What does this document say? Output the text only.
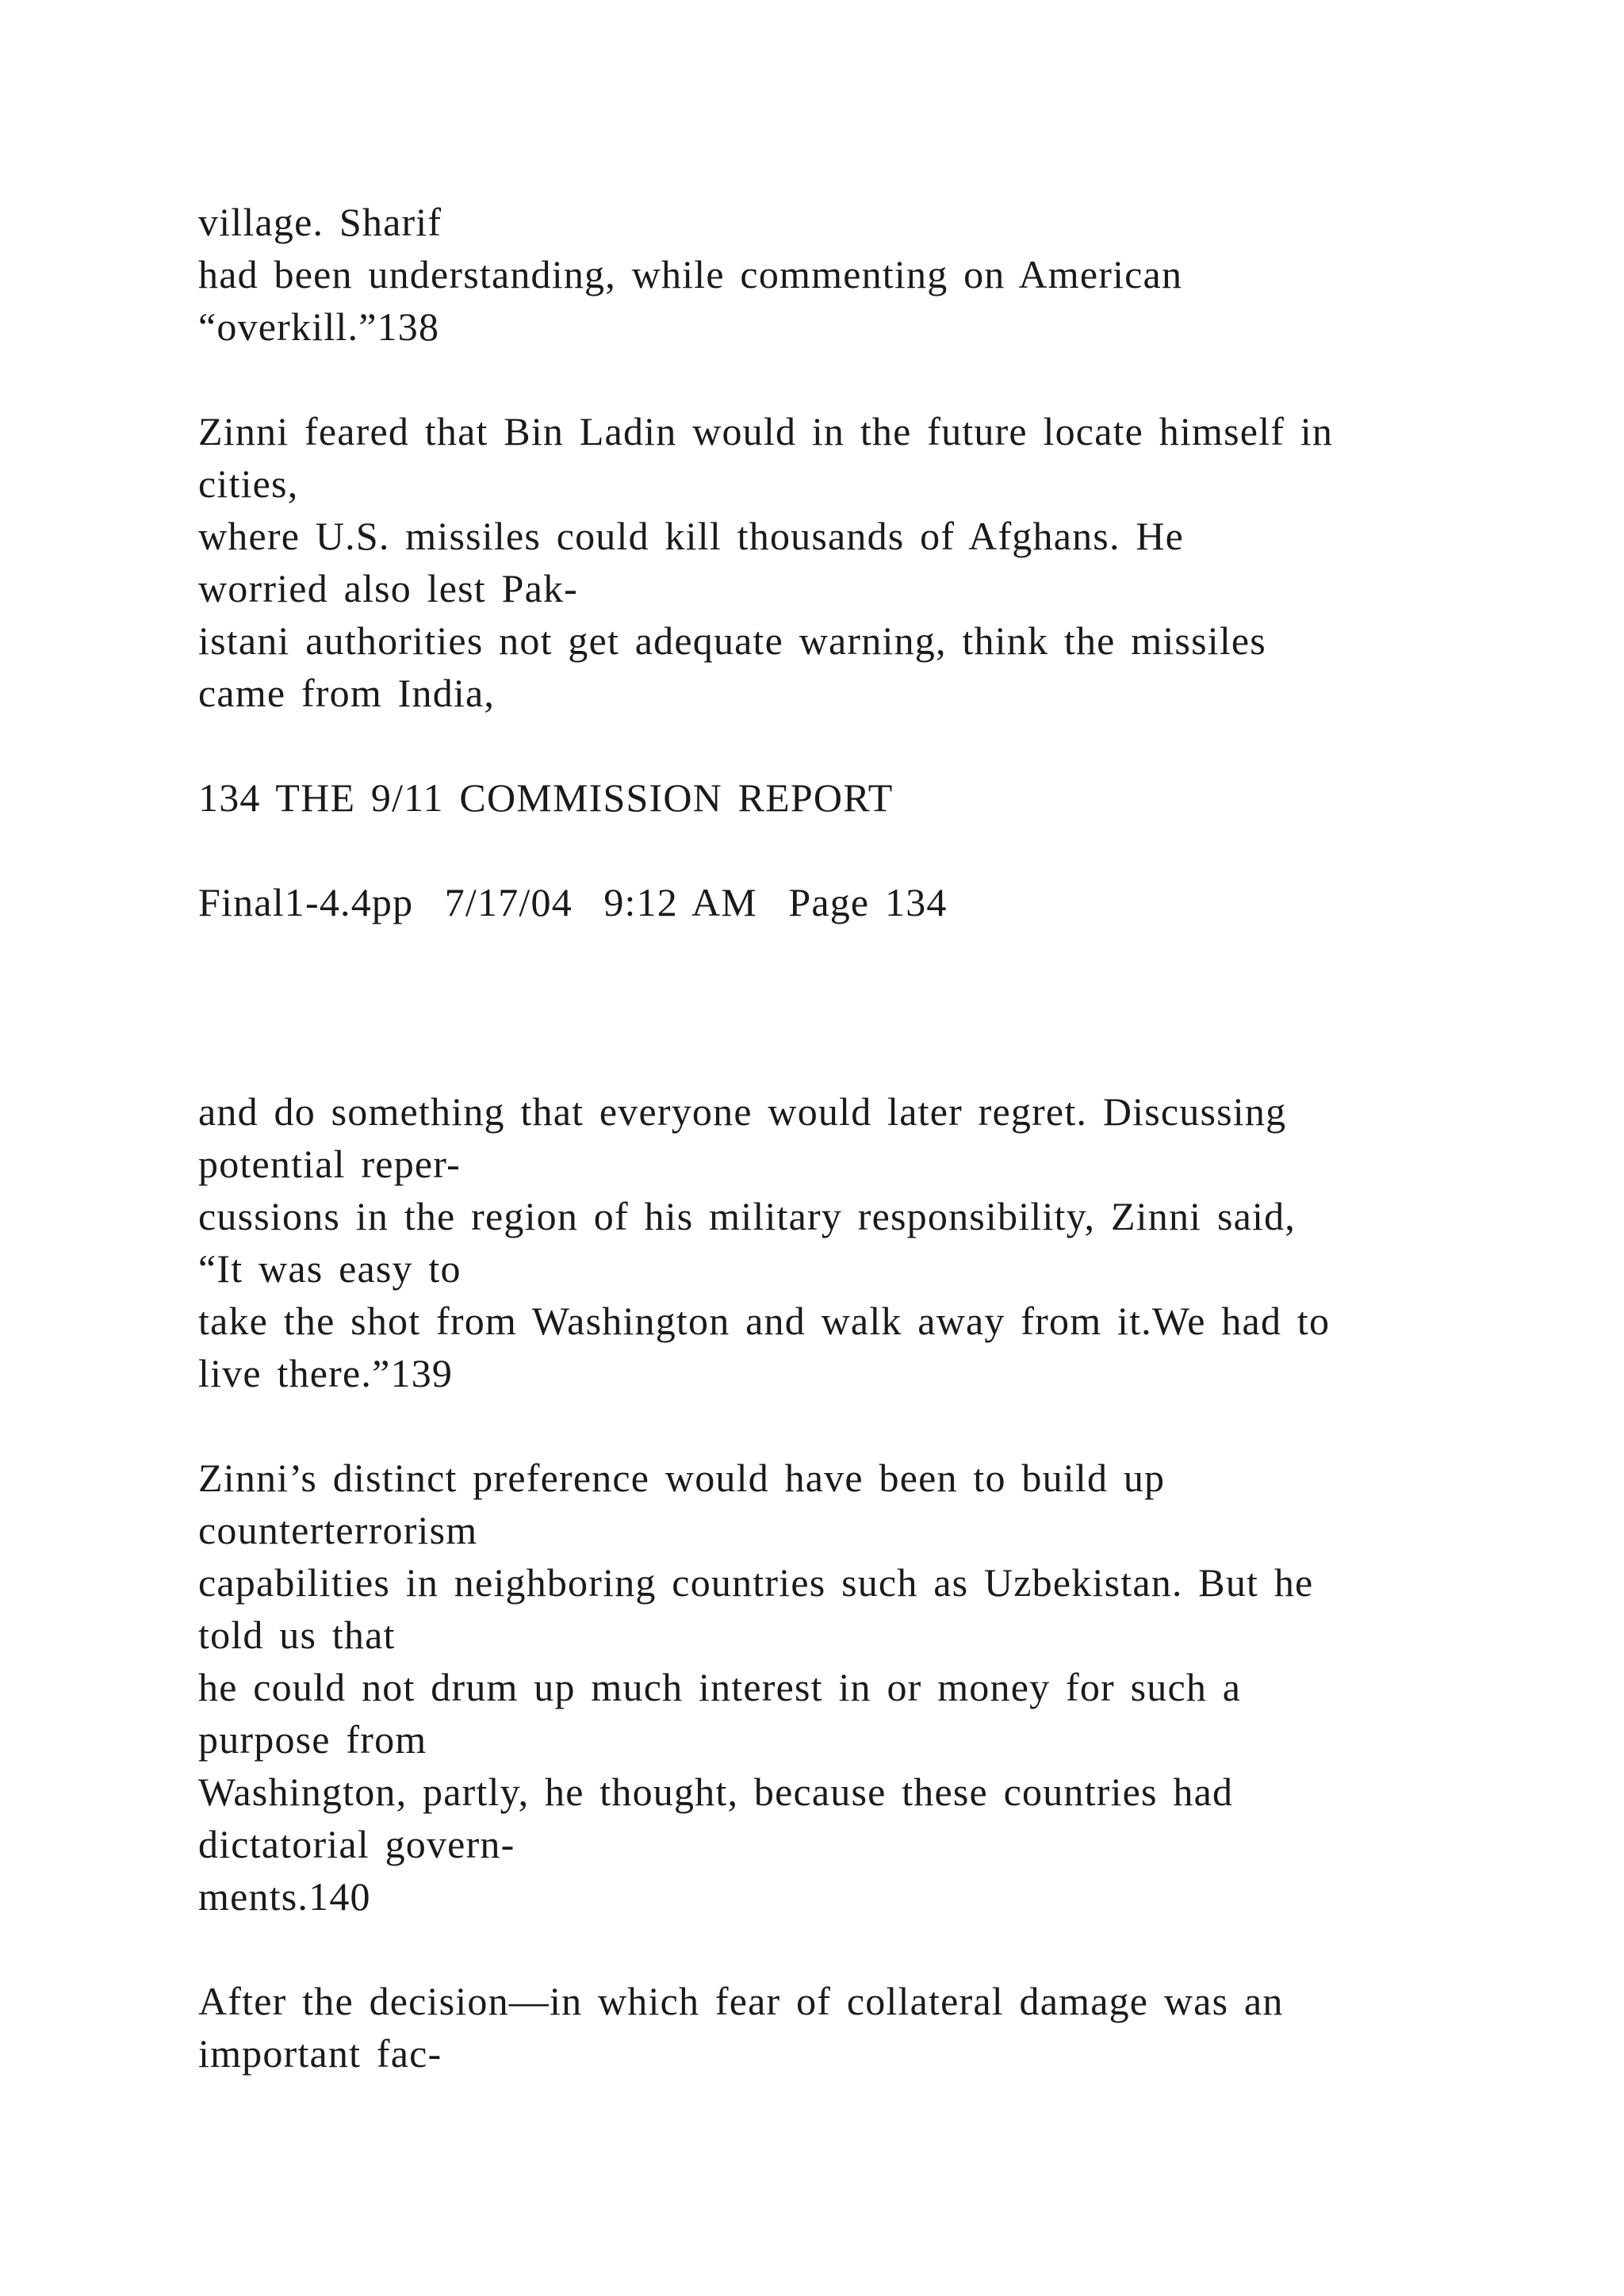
village. Sharif
had been understanding, while commenting on American
“overkill.”138
Zinni feared that Bin Ladin would in the future locate himself in
cities,
where U.S. missiles could kill thousands of Afghans. He
worried also lest Pak-
istani authorities not get adequate warning, think the missiles
came from India,
134 THE 9/11 COMMISSION REPORT
Final1-4.4pp  7/17/04  9:12 AM  Page 134
and do something that everyone would later regret. Discussing
potential reper-
cussions in the region of his military responsibility, Zinni said,
“It was easy to
take the shot from Washington and walk away from it.We had to
live there.”139
Zinni’s distinct preference would have been to build up
counterterrorism
capabilities in neighboring countries such as Uzbekistan. But he
told us that
he could not drum up much interest in or money for such a
purpose from
Washington, partly, he thought, because these countries had
dictatorial govern-
ments.140
After the decision—in which fear of collateral damage was an
important fac-
